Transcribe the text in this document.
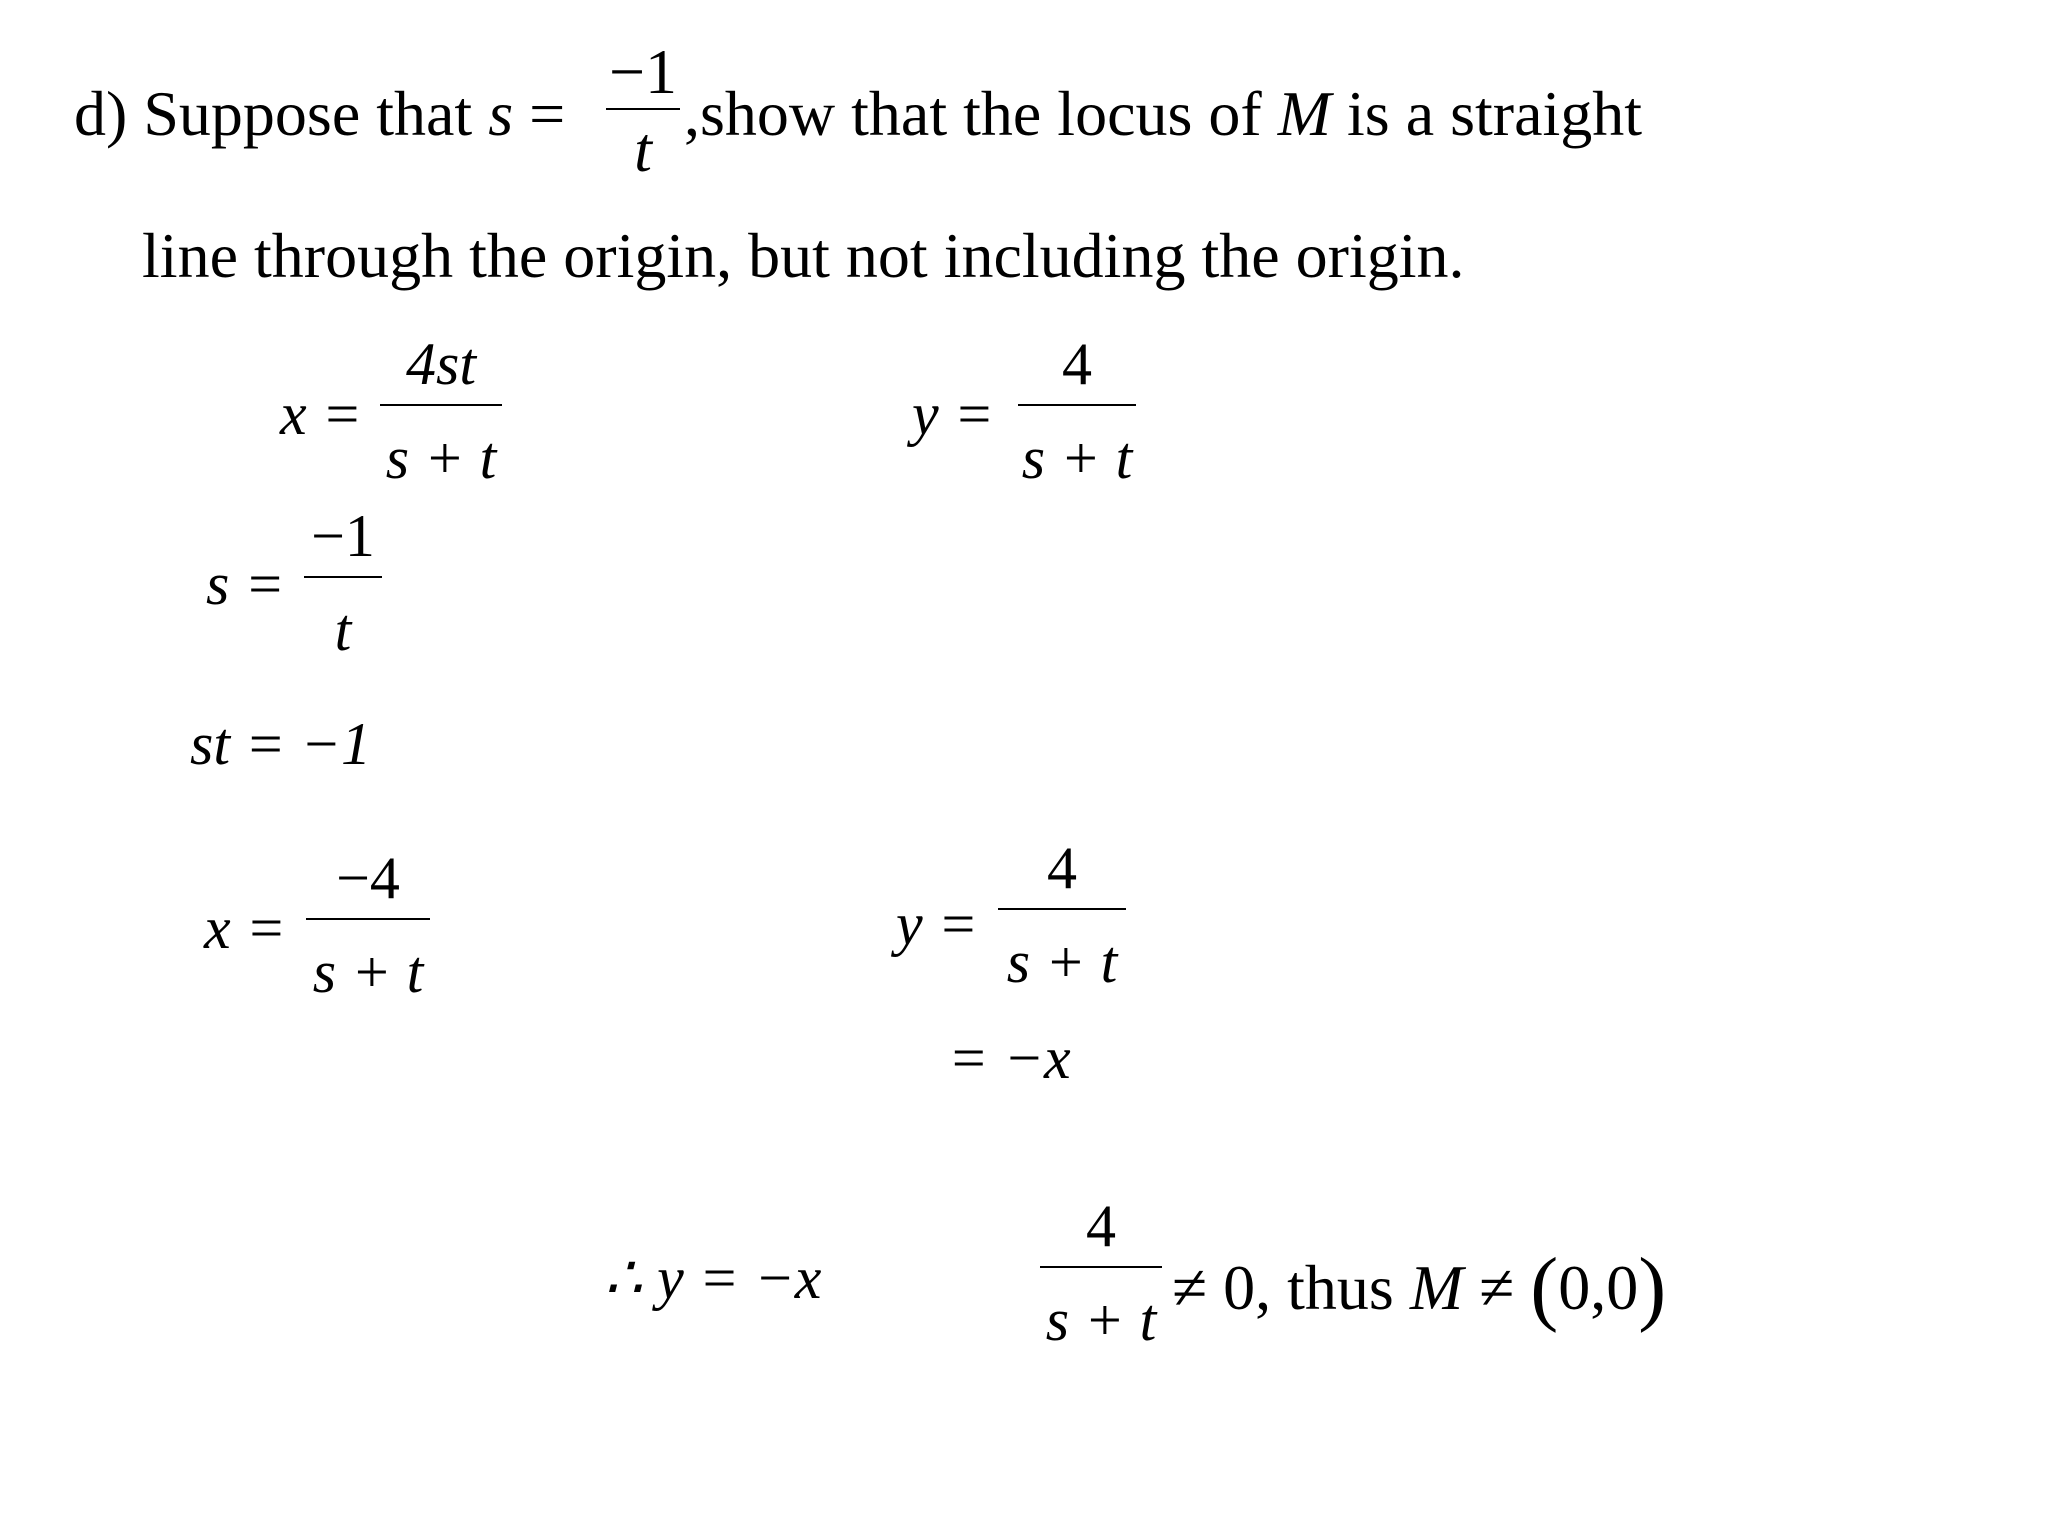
d) Suppose that s =
−1
t
,show that the locus of M is a straight
line through the origin, but not including the origin.
x =
4st
s + t
y =
4
s + t
s =
−1
t
st = −1
x =
−4
s + t
y =
4
s + t
= −x
∴ y = −x
4
s + t ≠ 0, thus M ≠ (0,0)
